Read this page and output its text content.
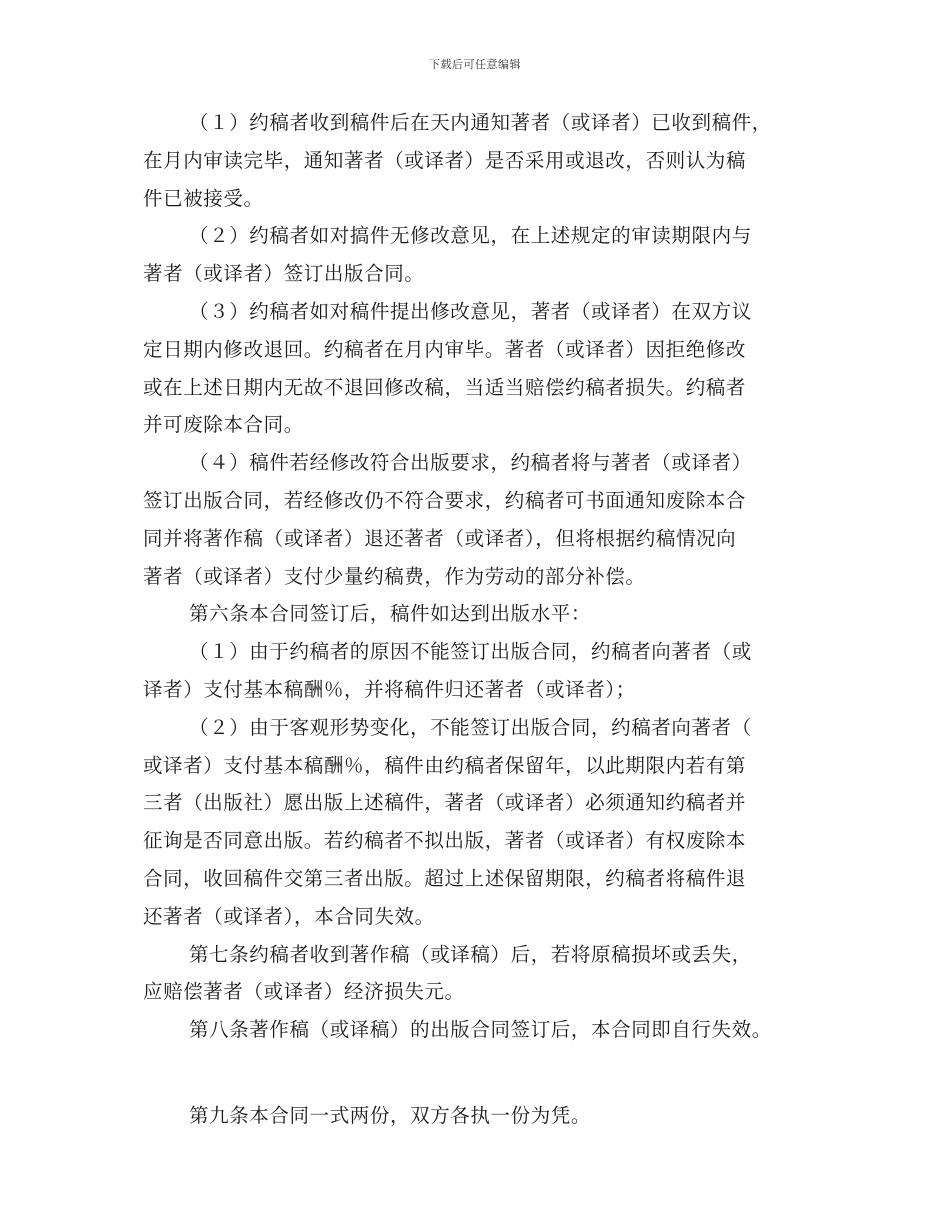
下载后可任意编辑
（１）约稿者收到稿件后在天内通知著者（或译者）已收到稿件，
在月内审读完毕，通知著者（或译者）是否采用或退改，否则认为稿
件已被接受。
（２）约稿者如对搞件无修改意见，在上述规定的审读期限内与
著者（或译者）签订出版合同。
（３）约稿者如对稿件提出修改意见，著者（或译者）在双方议
定日期内修改退回。约稿者在月内审毕。著者（或译者）因拒绝修改
或在上述日期内无故不退回修改稿，当适当赔偿约稿者损失。约稿者
并可废除本合同。
（４）稿件若经修改符合出版要求，约稿者将与著者（或译者）
签订出版合同，若经修改仍不符合要求，约稿者可书面通知废除本合
同并将著作稿（或译者）退还著者（或译者），但将根据约稿情况向
著者（或译者）支付少量约稿费，作为劳动的部分补偿。
第六条本合同签订后，稿件如达到出版水平：
（１）由于约稿者的原因不能签订出版合同，约稿者向著者（或
译者）支付基本稿酬％，并将稿件归还著者（或译者）；
（２）由于客观形势变化，不能签订出版合同，约稿者向著者（
或译者）支付基本稿酬％，稿件由约稿者保留年，以此期限内若有第
三者（出版社）愿出版上述稿件，著者（或译者）必须通知约稿者并
征询是否同意出版。若约稿者不拟出版，著者（或译者）有权废除本
合同，收回稿件交第三者出版。超过上述保留期限，约稿者将稿件退
还著者（或译者），本合同失效。
第七条约稿者收到著作稿（或译稿）后，若将原稿损坏或丢失，
应赔偿著者（或译者）经济损失元。
第八条著作稿（或译稿）的出版合同签订后，本合同即自行失效。
第九条本合同一式两份，双方各执一份为凭。
